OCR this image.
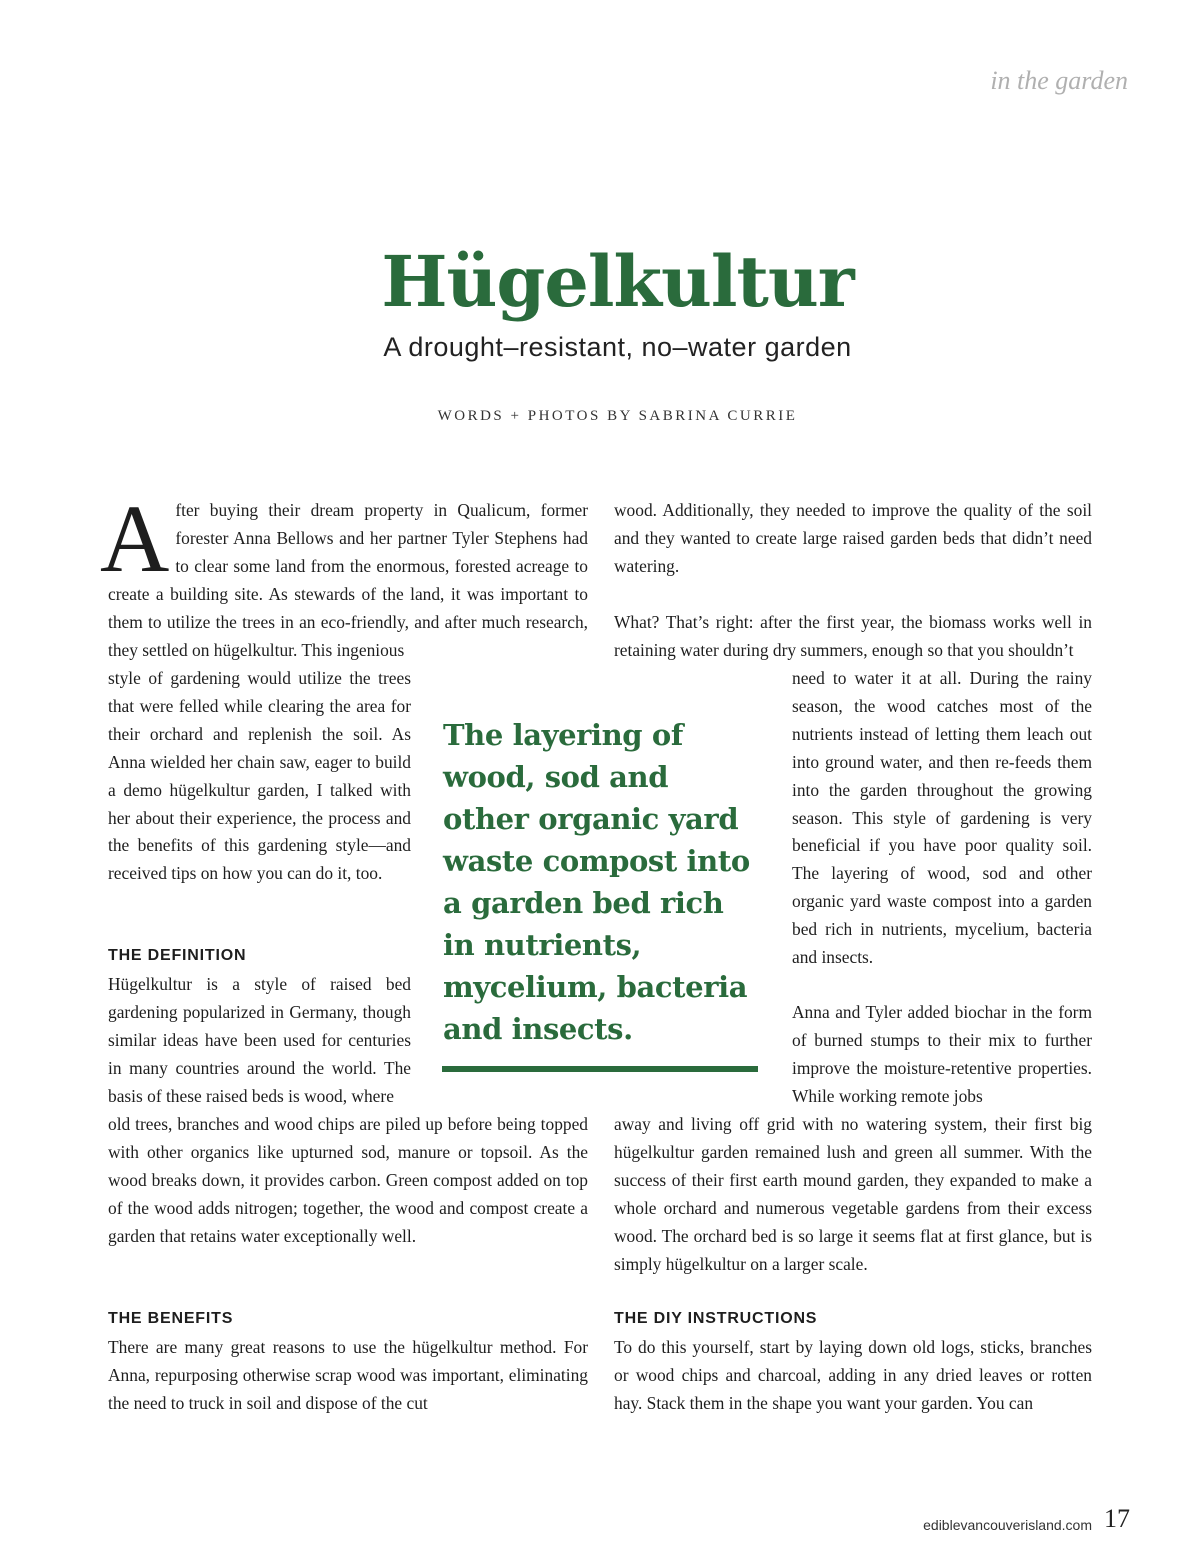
in the garden
Hügelkultur
A drought–resistant, no–water garden
WORDS + PHOTOS BY SABRINA CURRIE
After buying their dream property in Qualicum, former forester Anna Bellows and her partner Tyler Stephens had to clear some land from the enormous, forested acreage to create a building site. As stewards of the land, it was important to them to utilize the trees in an eco-friendly, and after much research, they settled on hügelkultur. This ingenious
style of gardening would utilize the trees that were felled while clearing the area for their orchard and replenish the soil. As Anna wielded her chain saw, eager to build a demo hügelkultur garden, I talked with her about their experience, the process and the benefits of this gardening style—and received tips on how you can do it, too.
THE DEFINITION
Hügelkultur is a style of raised bed gardening popularized in Germany, though similar ideas have been used for centuries in many countries around the world. The basis of these raised beds is wood, where
old trees, branches and wood chips are piled up before being topped with other organics like upturned sod, manure or topsoil. As the wood breaks down, it provides carbon. Green compost added on top of the wood adds nitrogen; together, the wood and compost create a garden that retains water exceptionally well.
THE BENEFITS
There are many great reasons to use the hügelkultur method. For Anna, repurposing otherwise scrap wood was important, eliminating the need to truck in soil and dispose of the cut
The layering of wood, sod and other organic yard waste compost into a garden bed rich in nutrients, mycelium, bacteria and insects.
wood. Additionally, they needed to improve the quality of the soil and they wanted to create large raised garden beds that didn’t need watering.
What? That’s right: after the first year, the biomass works well in retaining water during dry summers, enough so that you shouldn’t
need to water it at all. During the rainy season, the wood catches most of the nutrients instead of letting them leach out into ground water, and then re-feeds them into the garden throughout the growing season. This style of gardening is very beneficial if you have poor quality soil. The layering of wood, sod and other organic yard waste compost into a garden bed rich in nutrients, mycelium, bacteria and insects.
Anna and Tyler added biochar in the form of burned stumps to their mix to further improve the moisture-retentive properties. While working remote jobs
away and living off grid with no watering system, their first big hügelkultur garden remained lush and green all summer. With the success of their first earth mound garden, they expanded to make a whole orchard and numerous vegetable gardens from their excess wood. The orchard bed is so large it seems flat at first glance, but is simply hügelkultur on a larger scale.
THE DIY INSTRUCTIONS
To do this yourself, start by laying down old logs, sticks, branches or wood chips and charcoal, adding in any dried leaves or rotten hay. Stack them in the shape you want your garden. You can
ediblevancouverisland.com 17
